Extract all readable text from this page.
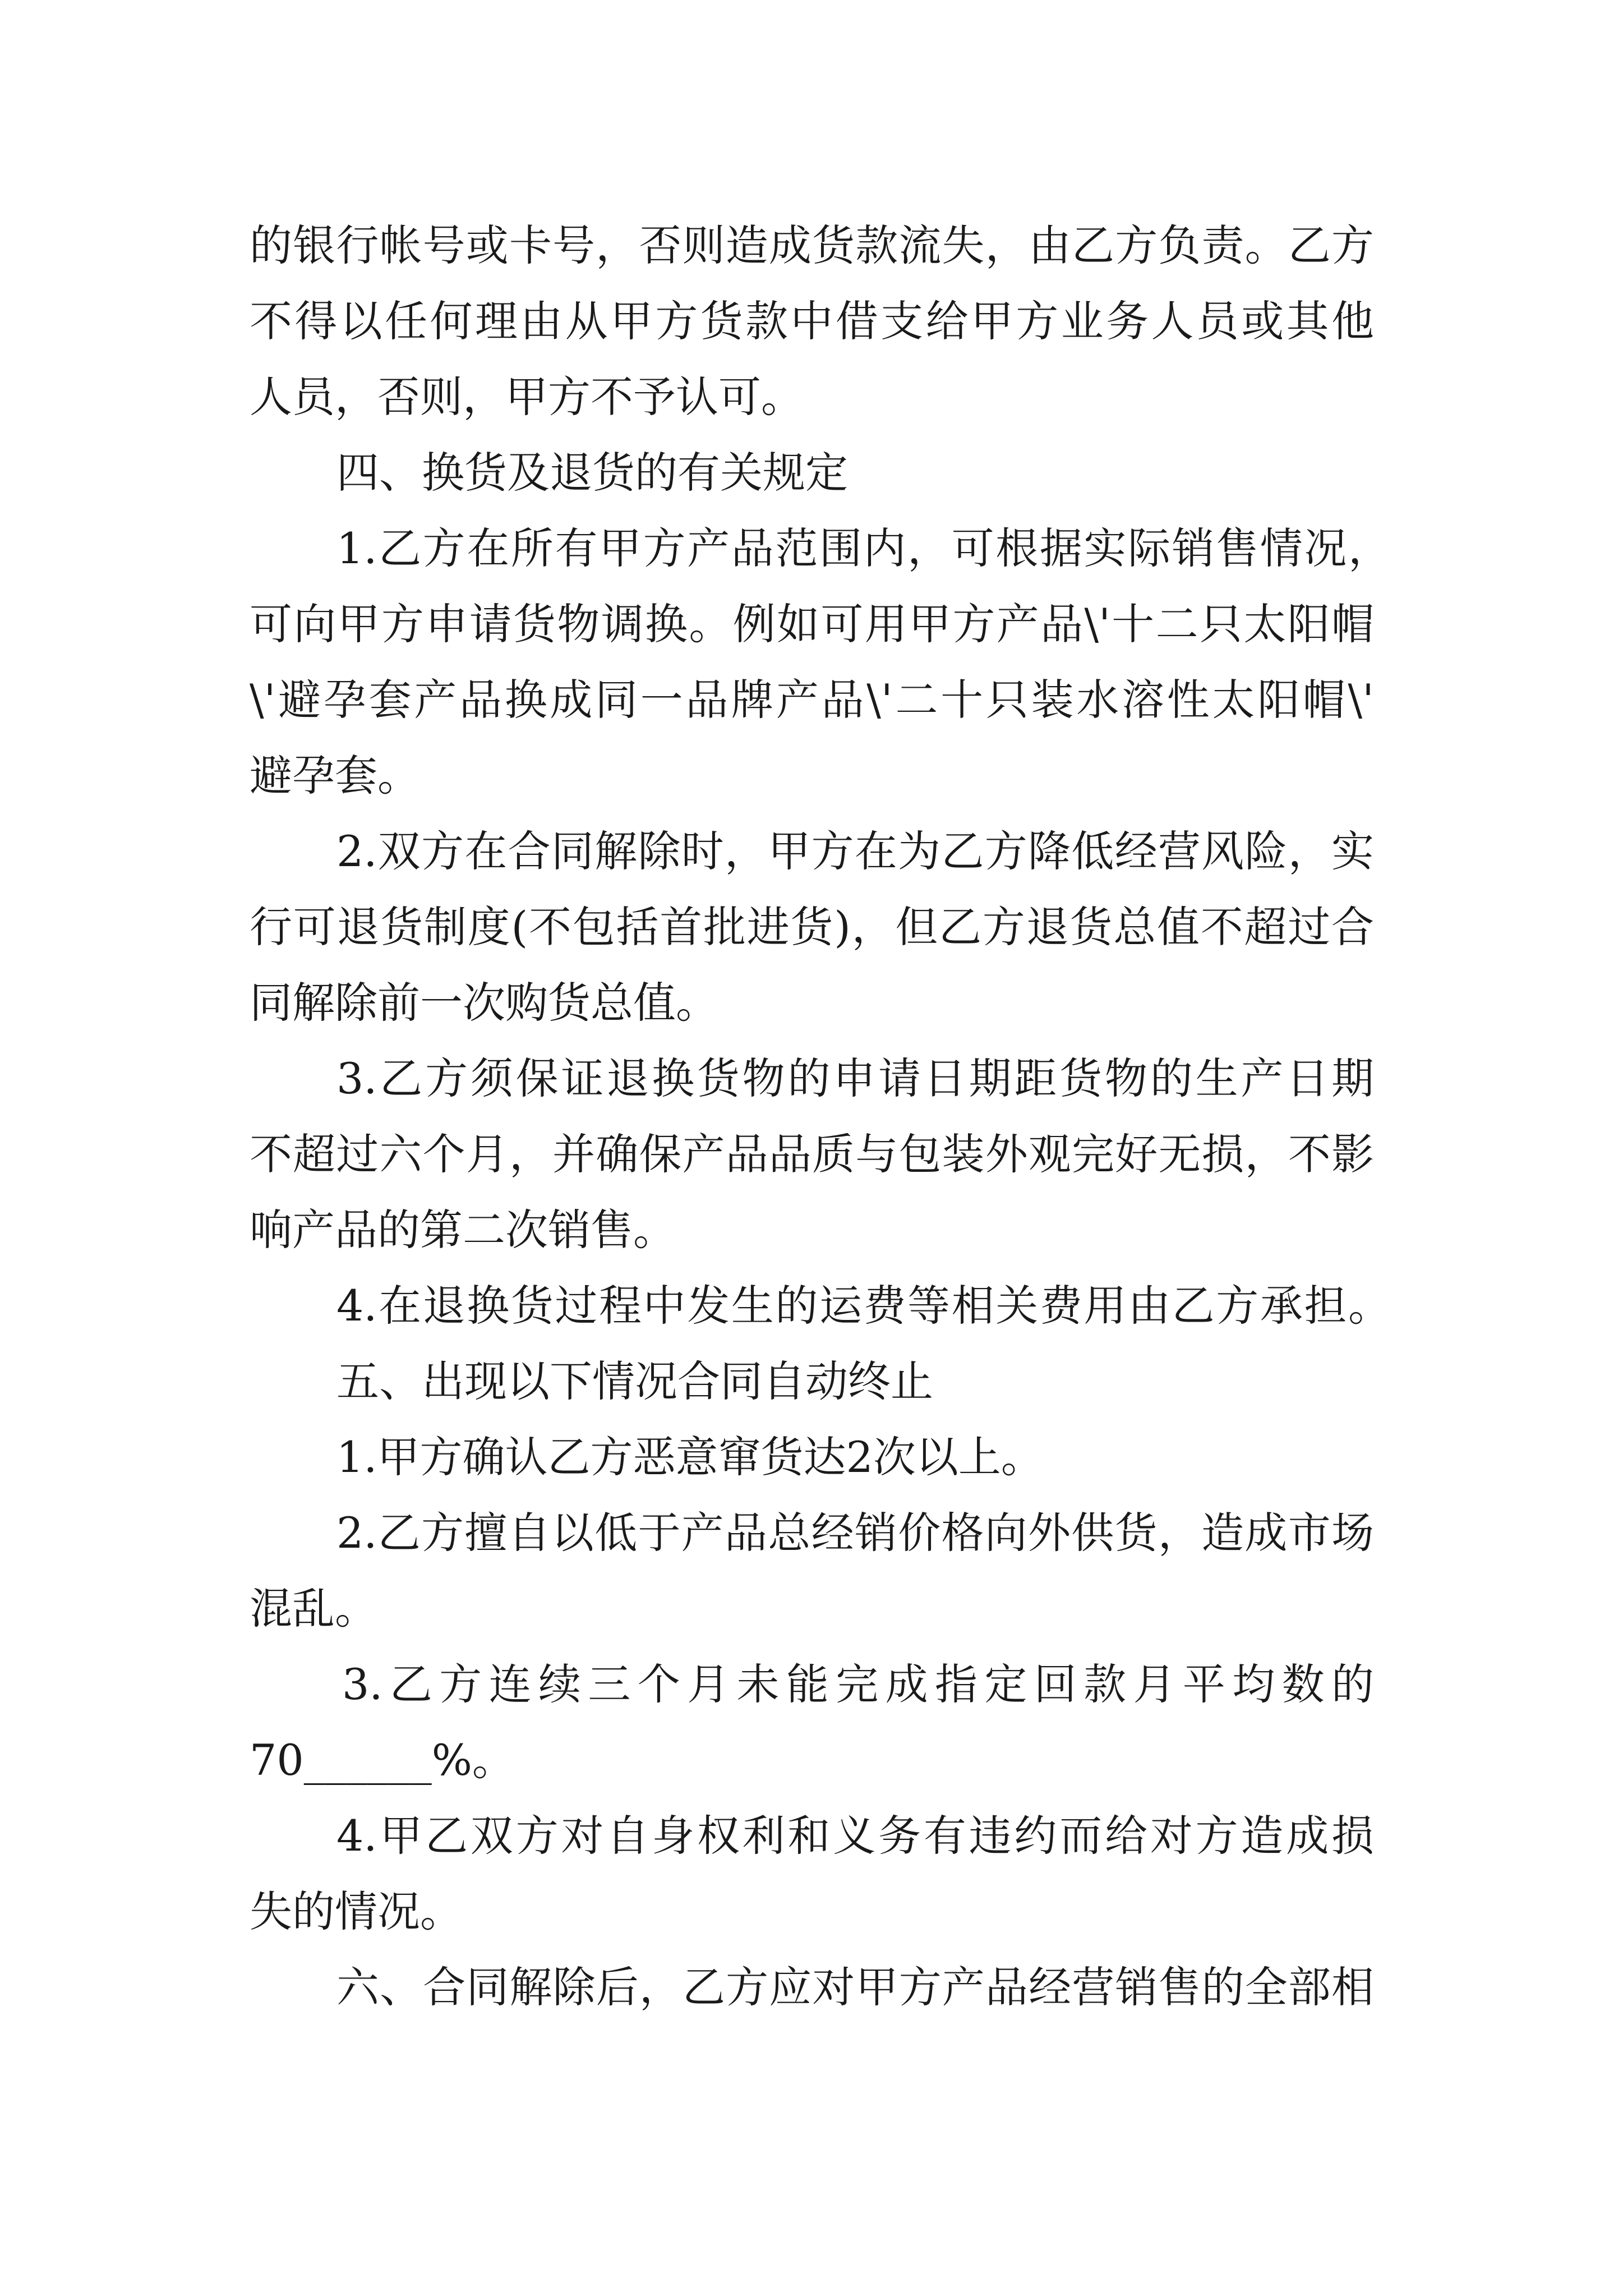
的银行帐号或卡号，否则造成货款流失，由乙方负责。乙方

不得以任何理由从甲方货款中借支给甲方业务人员或其他

人员，否则，甲方不予认可。

四、换货及退货的有关规定

1.乙方在所有甲方产品范围内，可根据实际销售情况，

可向甲方申请货物调换。例如可用甲方产品\'十二只太阳帽

\'避孕套产品换成同一品牌产品\'二十只装水溶性太阳帽\'

避孕套。

2.双方在合同解除时，甲方在为乙方降低经营风险，实

行可退货制度(不包括首批进货)，但乙方退货总值不超过合

同解除前一次购货总值。

3.乙方须保证退换货物的申请日期距货物的生产日期

不超过六个月，并确保产品品质与包装外观完好无损，不影

响产品的第二次销售。

4.在退换货过程中发生的运费等相关费用由乙方承担。

五、出现以下情况合同自动终止

1.甲方确认乙方恶意窜货达2次以上。

2.乙方擅自以低于产品总经销价格向外供货，造成市场

混乱。

3.乙方连续三个月未能完成指定回款月平均数的

70______%。

4.甲乙双方对自身权利和义务有违约而给对方造成损

失的情况。

六、合同解除后，乙方应对甲方产品经营销售的全部相
